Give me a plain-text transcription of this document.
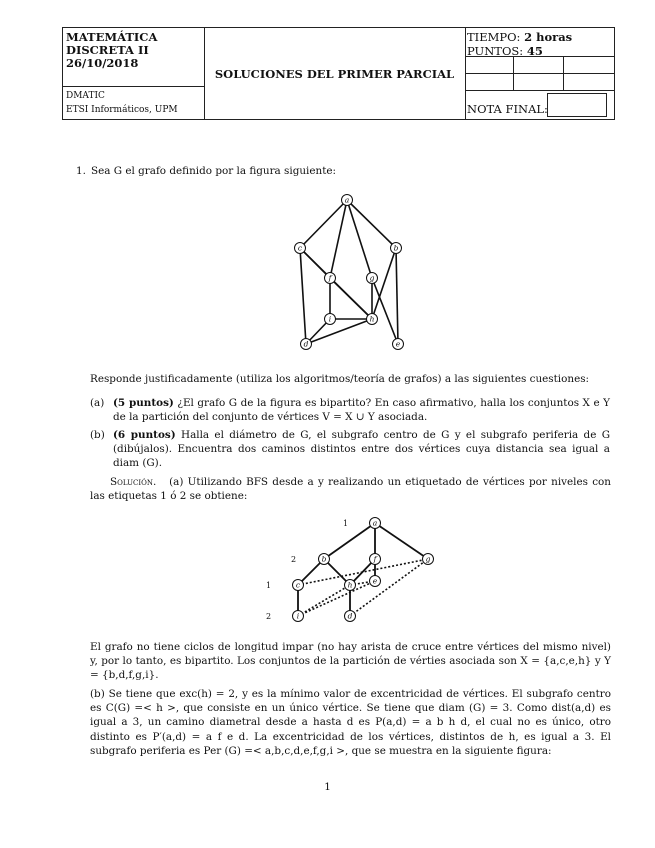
MATEMÁTICA
DISCRETA II
26/10/2018
DMATIC
ETSI Informáticos, UPM
SOLUCIONES DEL PRIMER PARCIAL
TIEMPO: 2 horas
PUNTOS: 45
NOTA FINAL:
1. Sea G el grafo definido por la figura siguiente:
a
b
c
d	e
f	g
h
i
Responde justificadamente (utiliza los algoritmos/teoría de grafos) a las siguientes cuestiones:
(a) (5 puntos) ¿El grafo G de la figura es bipartito? En caso afirmativo, halla los conjuntos X e Y de la partición del conjunto de vértices V = X ∪ Y asociada.
(b) (6 puntos) Halla el diámetro de G, el subgrafo centro de G y el subgrafo periferia de G (dibújalos). Encuentra dos caminos distintos entre dos vértices cuya distancia sea igual a diam (G).
Solución. (a) Utilizando BFS desde a y realizando un etiquetado de vértices por niveles con las etiquetas 1 ó 2 se obtiene:
1
2
1
2
a
b	f	g
c	h	e
i	d
El grafo no tiene ciclos de longitud impar (no hay arista de cruce entre vértices del mismo nivel) y, por lo tanto, es bipartito. Los conjuntos de la partición de vérties asociada son X = {a,c,e,h} y Y = {b,d,f,g,i}.
(b) Se tiene que exc(h) = 2, y es la mínimo valor de excentricidad de vértices. El subgrafo centro es C(G) =< h >, que consiste en un único vértice. Se tiene que diam (G) = 3. Como dist(a,d) es igual a 3, un camino diametral desde a hasta d es P(a,d) = a b h d, el cual no es único, otro distinto es P′(a,d) = a f e d. La excentricidad de los vértices, distintos de h, es igual a 3. El subgrafo periferia es Per (G) =< a,b,c,d,e,f,g,i >, que se muestra en la siguiente figura:
1
